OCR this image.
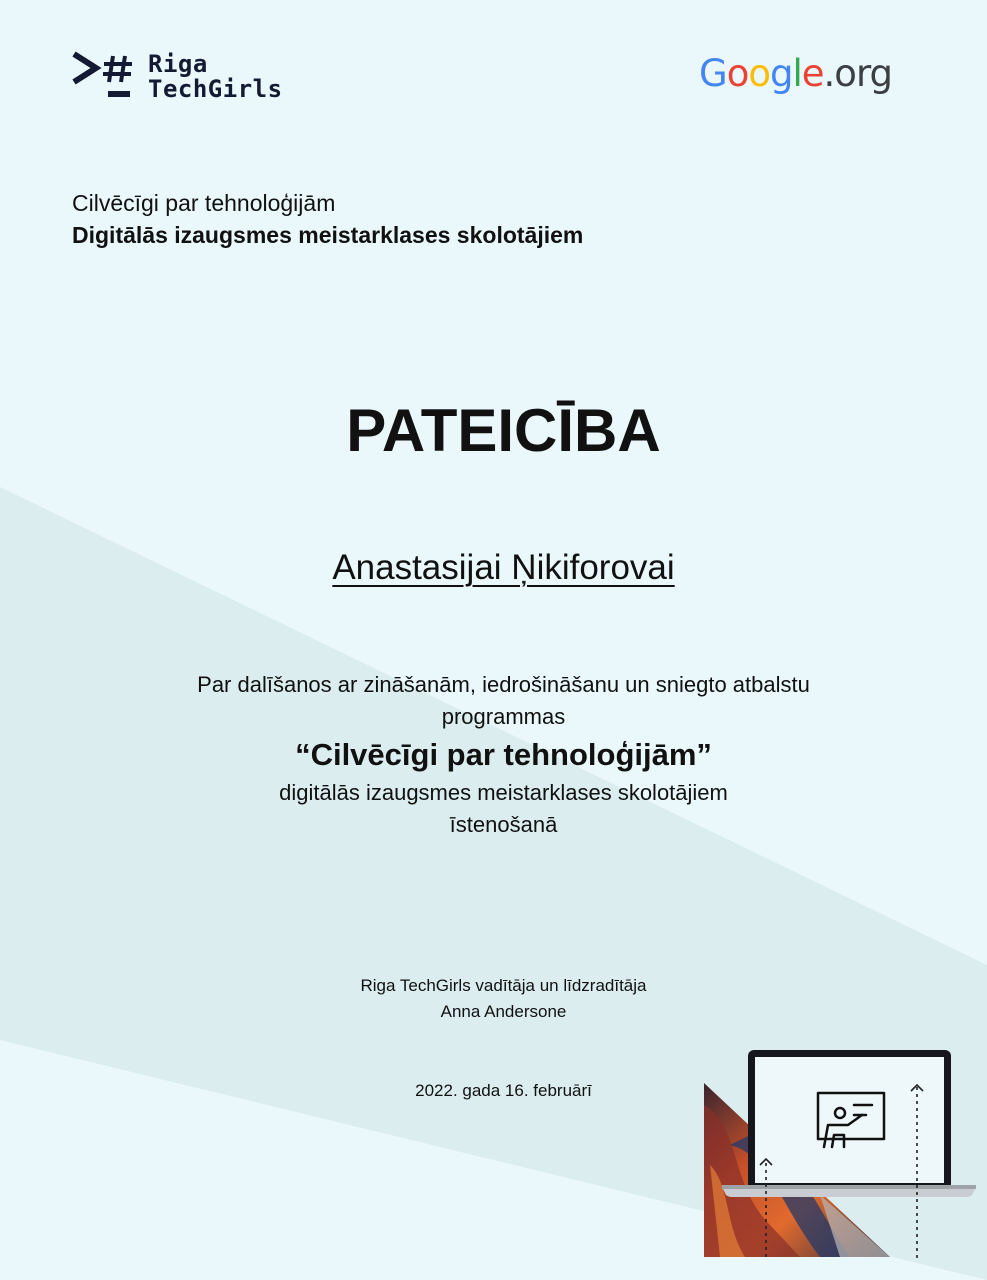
Riga
TechGirls	Google.org
Cilvēcīgi par tehnoloģijām
Digitālās izaugsmes meistarklases skolotājiem
PATEICĪBA
Anastasijai Ņikiforovai
Par dalīšanos ar zināšanām, iedrošināšanu un sniegto atbalstu
programmas
“Cilvēcīgi par tehnoloģijām”
digitālās izaugsmes meistarklases skolotājiem
īstenošanā
Riga TechGirls vadītāja un līdzradītāja
Anna Andersone
2022. gada 16. februārī
